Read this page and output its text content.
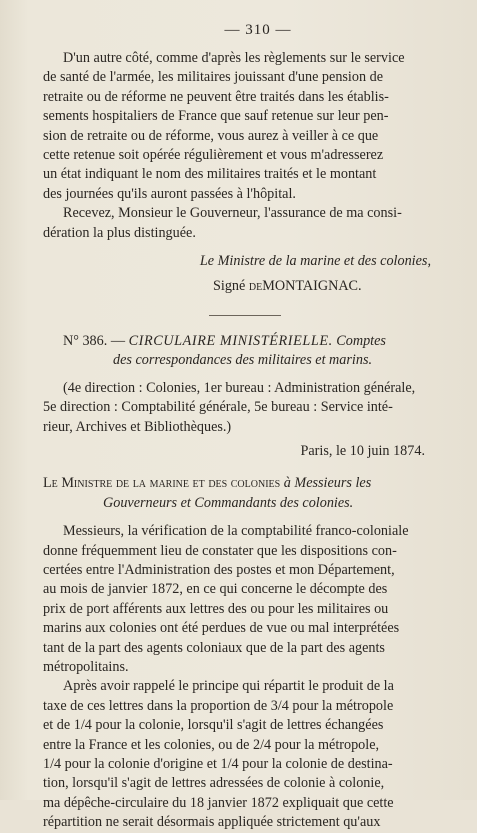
— 310 —
D'un autre côté, comme d'après les règlements sur le service
de santé de l'armée, les militaires jouissant d'une pension de
retraite ou de réforme ne peuvent être traités dans les établis-
sements hospitaliers de France que sauf retenue sur leur pen-
sion de retraite ou de réforme, vous aurez à veiller à ce que
cette retenue soit opérée régulièrement et vous m'adresserez
un état indiquant le nom des militaires traités et le montant
des journées qu'ils auront passées à l'hôpital.
Recevez, Monsieur le Gouverneur, l'assurance de ma consi-
dération la plus distinguée.
Le Ministre de la marine et des colonies,
Signé deMONTAIGNAC.
N° 386. — CIRCULAIRE MINISTÉRIELLE. Comptes
des correspondances des militaires et marins.
(4e direction : Colonies, 1er bureau : Administration générale,
5e direction : Comptabilité générale, 5e bureau : Service inté-
rieur, Archives et Bibliothèques.)
Paris, le 10 juin 1874.
Le Ministre de la marine et des colonies à Messieurs les
Gouverneurs et Commandants des colonies.
Messieurs, la vérification de la comptabilité franco-coloniale
donne fréquemment lieu de constater que les dispositions con-
certées entre l'Administration des postes et mon Département,
au mois de janvier 1872, en ce qui concerne le décompte des
prix de port afférents aux lettres des ou pour les militaires ou
marins aux colonies ont été perdues de vue ou mal interprétées
tant de la part des agents coloniaux que de la part des agents
métropolitains.
Après avoir rappelé le principe qui répartit le produit de la
taxe de ces lettres dans la proportion de 3/4 pour la métropole
et de 1/4 pour la colonie, lorsqu'il s'agit de lettres échangées
entre la France et les colonies, ou de 2/4 pour la métropole,
1/4 pour la colonie d'origine et 1/4 pour la colonie de destina-
tion, lorsqu'il s'agit de lettres adressées de colonie à colonie,
ma dépêche-circulaire du 18 janvier 1872 expliquait que cette
répartition ne serait désormais appliquée strictement qu'aux
